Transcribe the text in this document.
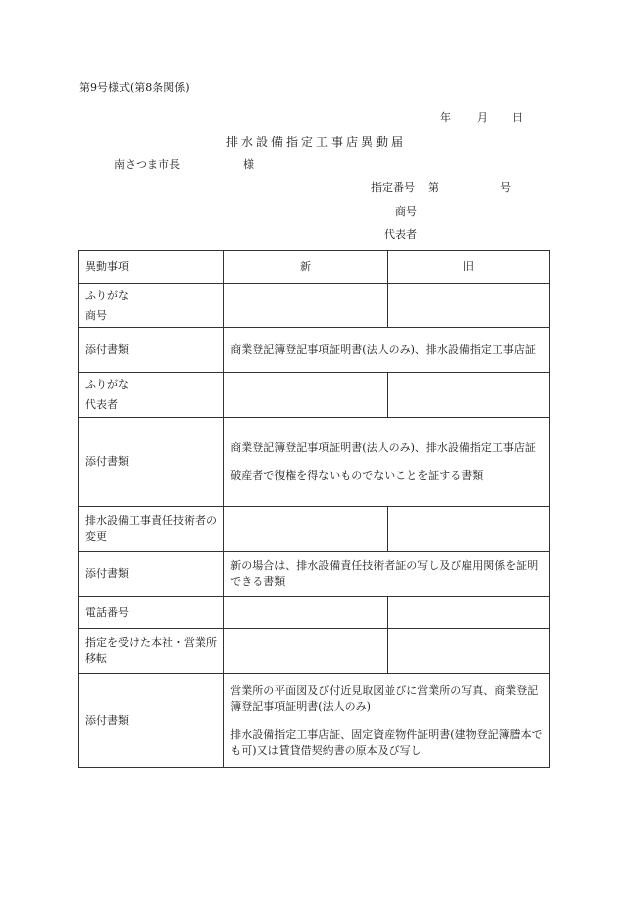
第9号様式(第8条関係)
年 月 日
排水設備指定工事店異動届
南さつま市長	様
指定番号 第	号
商号
代表者
異動事項	新	旧

ふりがな
商号		

添付書類	商業登記簿登記事項証明書(法人のみ)、排水設備指定工事店証	

ふりがな
代表者		

添付書類	商業登記簿登記事項証明書(法人のみ)、排水設備指定工事店証
破産者で復権を得ないものでないことを証する書類	

排水設備工事責任技術者の変更		
添付書類	新の場合は、排水設備責任技術者証の写し及び雇用関係を証明できる書類	
電話番号		
指定を受けた本社・営業所移転		
添付書類	営業所の平面図及び付近見取図並びに営業所の写真、商業登記簿登記事項証明書(法人のみ)
排水設備指定工事店証、固定資産物件証明書(建物登記簿謄本でも可)又は賃貸借契約書の原本及び写し	
